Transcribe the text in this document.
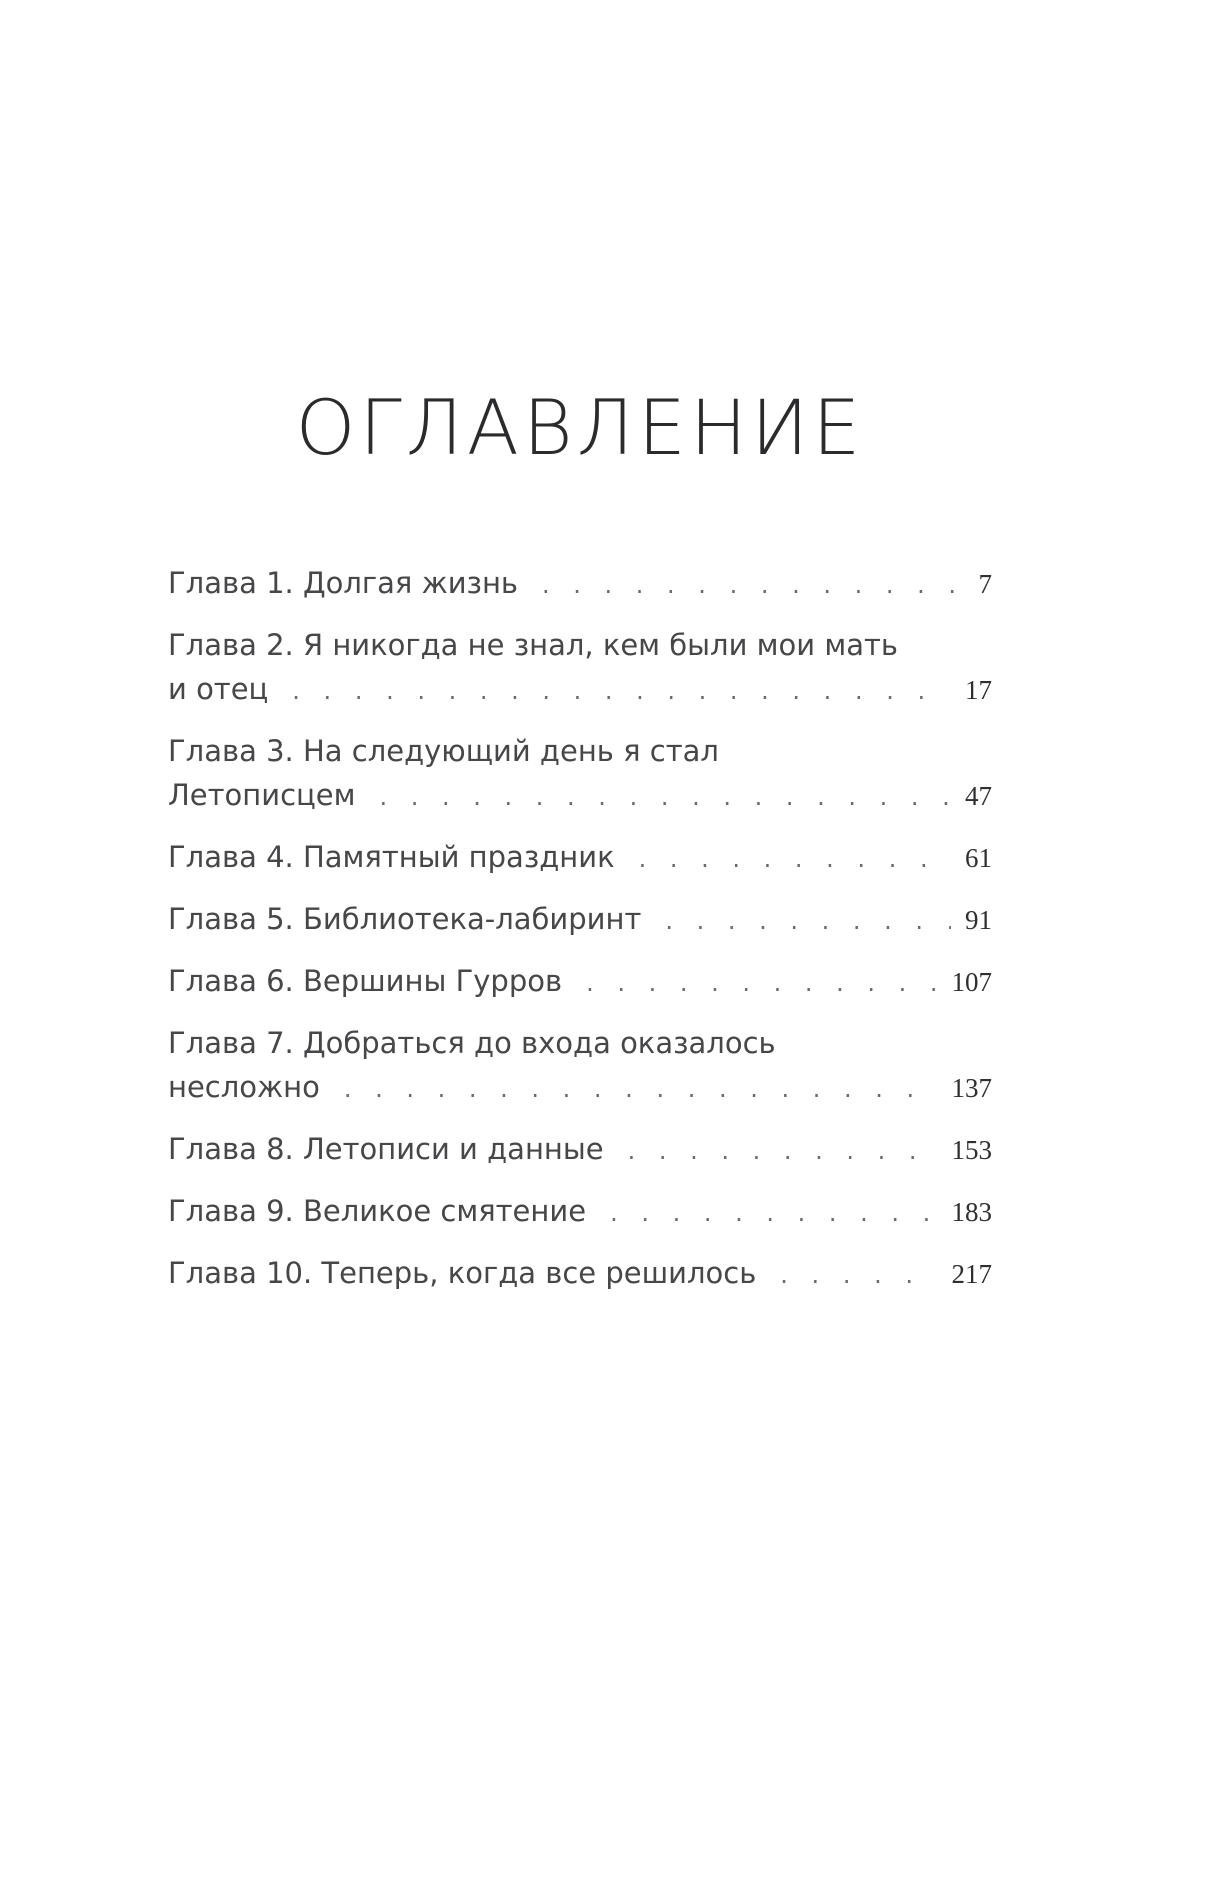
ОГЛАВЛЕНИЕ
Глава 1. Долгая жизнь . . .	7
Глава 2. Я никогда не знал, кем были мои мать
и отец . . .	17
Глава 3. На следующий день я стал
Летописцем . . .	47
Глава 4. Памятный праздник . . .	61
Глава 5. Библиотека-лабиринт . . .	91
Глава 6. Вершины Гурров . . .	107
Глава 7. Добраться до входа оказалось
несложно . . .	137
Глава 8. Летописи и данные . . .	153
Глава 9. Великое смятение . . .	183
Глава 10. Теперь, когда все решилось . . .	217
